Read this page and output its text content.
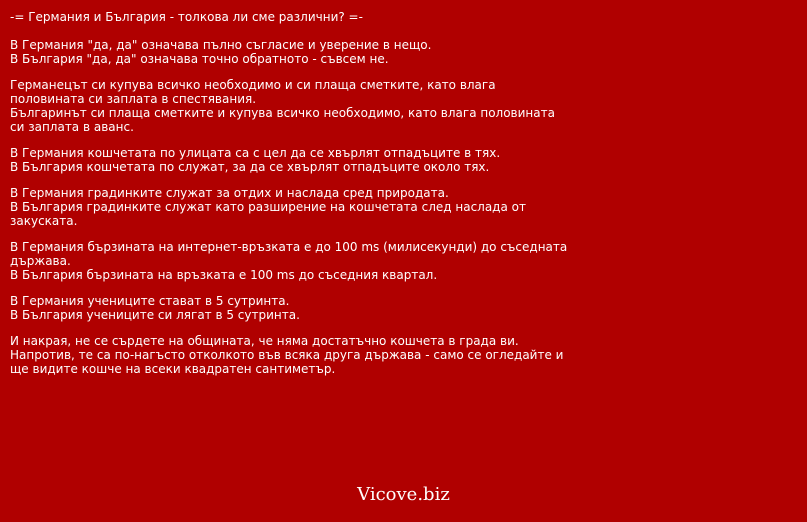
-= Германия и България - толкова ли сме различни? =-
В Германия "да, да" означава пълно съгласие и уверение в нещо.
В България "да, да" означава точно обратното - съвсем не.
Германецът си купува всичко необходимо и си плаща сметките, като влага
половината си заплата в спестявания.
Българинът си плаща сметките и купува всичко необходимо, като влага половината
си заплата в аванс.
В Германия кошчетата по улицата са с цел да се хвърлят отпадъците в тях.
В България кошчетата по служат, за да се хвърлят отпадъците около тях.
В Германия градинките служат за отдих и наслада сред природата.
В България градинките служат като разширение на кошчетата след наслада от
закуската.
В Германия бързината на интернет-връзката е до 100 ms (милисекунди) до съседната
държава.
В България бързината на връзката е 100 ms до съседния квартал.
В Германия учениците стават в 5 сутринта.
В България учениците си лягат в 5 сутринта.
И накрая, не се сърдете на общината, че няма достатъчно кошчета в града ви.
Напротив, те са по-нагъсто отколкото във всяка друга държава - само се огледайте и
ще видите кошче на всеки квадратен сантиметър.
Vicove.biz
